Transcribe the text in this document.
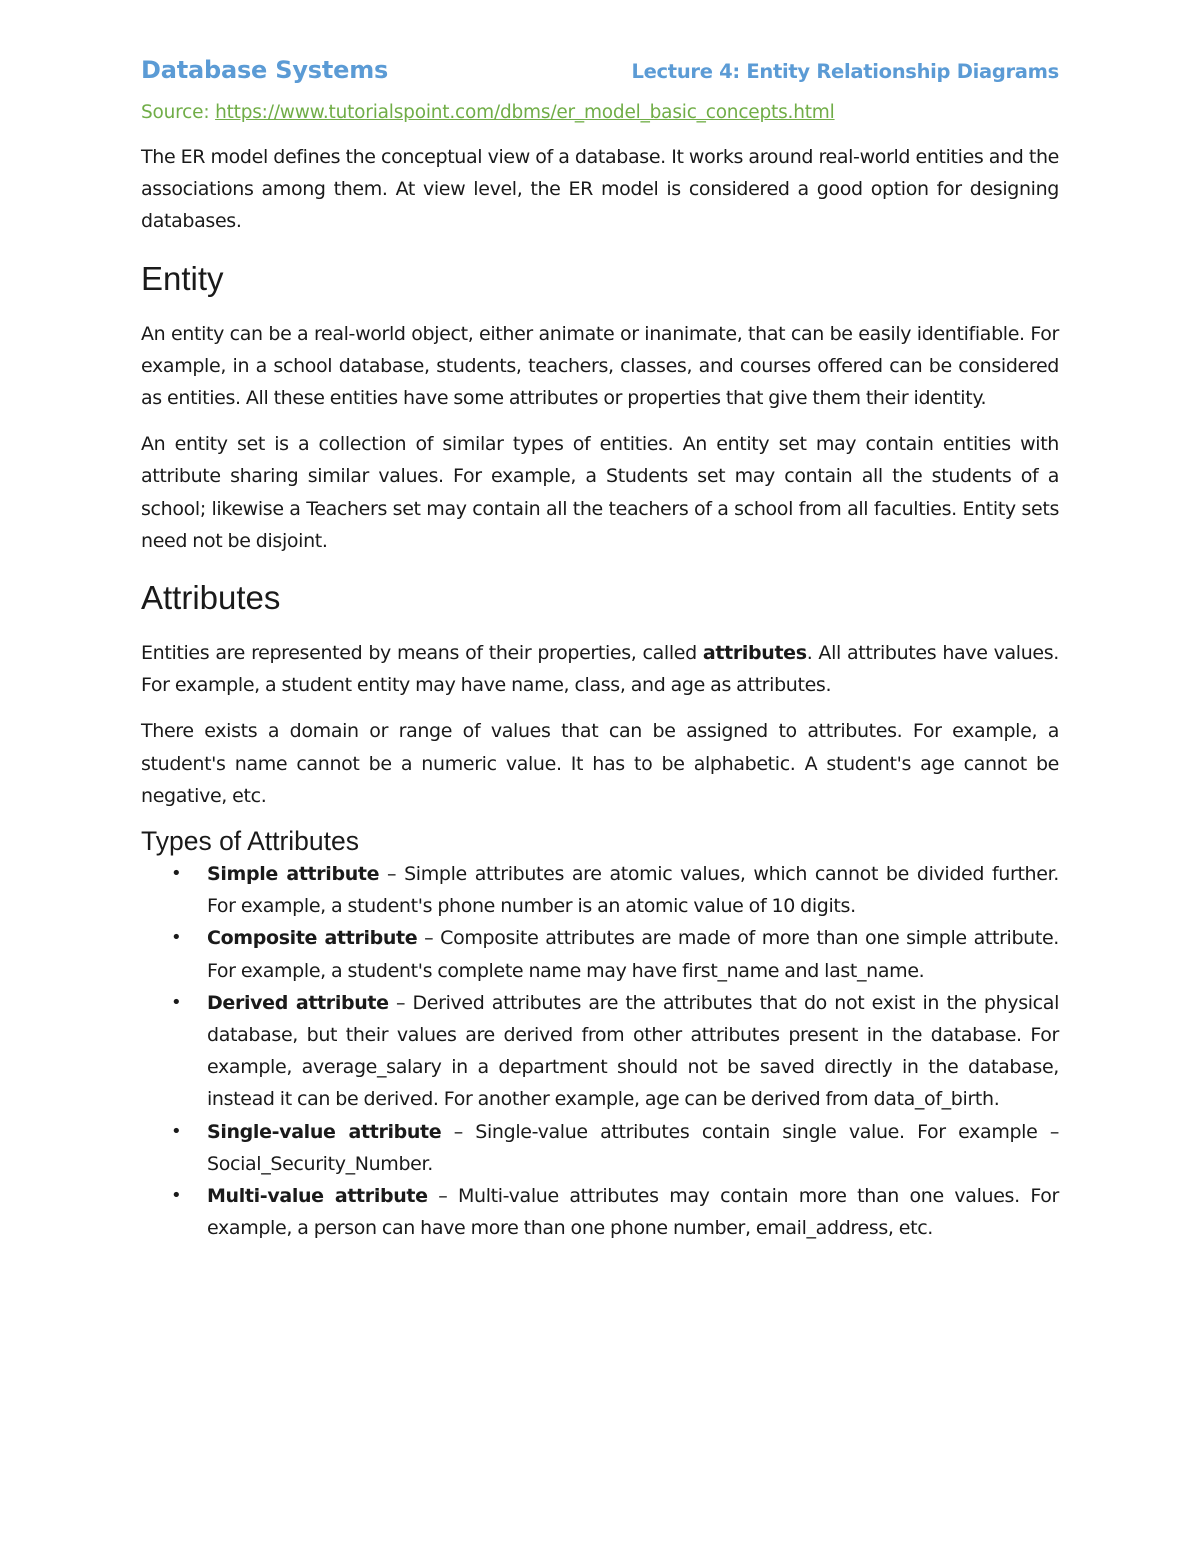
Database Systems	Lecture 4: Entity Relationship Diagrams
Source: https://www.tutorialspoint.com/dbms/er_model_basic_concepts.html

The ER model defines the conceptual view of a database. It works around real-world entities and the associations among them. At view level, the ER model is considered a good option for designing databases.

Entity

An entity can be a real-world object, either animate or inanimate, that can be easily identifiable. For example, in a school database, students, teachers, classes, and courses offered can be considered as entities. All these entities have some attributes or properties that give them their identity.

An entity set is a collection of similar types of entities. An entity set may contain entities with attribute sharing similar values. For example, a Students set may contain all the students of a school; likewise a Teachers set may contain all the teachers of a school from all faculties. Entity sets need not be disjoint.

Attributes

Entities are represented by means of their properties, called attributes. All attributes have values. For example, a student entity may have name, class, and age as attributes.

There exists a domain or range of values that can be assigned to attributes. For example, a student's name cannot be a numeric value. It has to be alphabetic. A student's age cannot be negative, etc.

Types of Attributes
• Simple attribute – Simple attributes are atomic values, which cannot be divided further. For example, a student's phone number is an atomic value of 10 digits.
• Composite attribute – Composite attributes are made of more than one simple attribute. For example, a student's complete name may have first_name and last_name.
• Derived attribute – Derived attributes are the attributes that do not exist in the physical database, but their values are derived from other attributes present in the database. For example, average_salary in a department should not be saved directly in the database, instead it can be derived. For another example, age can be derived from data_of_birth.
• Single-value attribute – Single-value attributes contain single value. For example – Social_Security_Number.
• Multi-value attribute – Multi-value attributes may contain more than one values. For example, a person can have more than one phone number, email_address, etc.
